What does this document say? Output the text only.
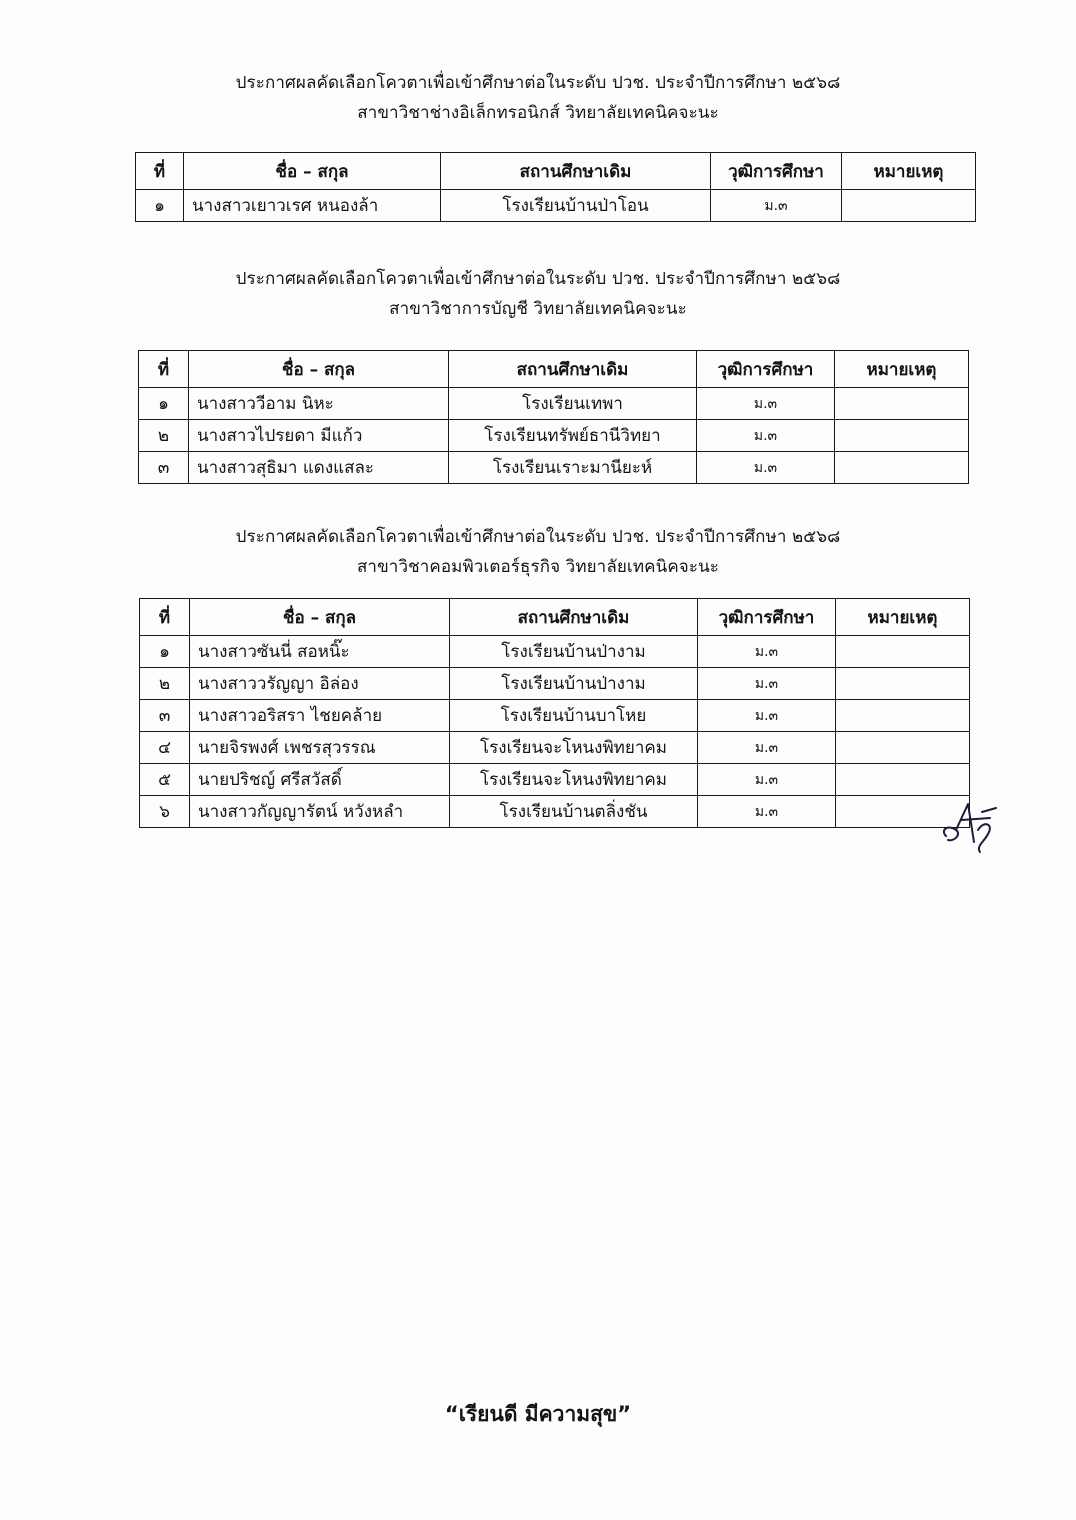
ประกาศผลคัดเลือกโควตาเพื่อเข้าศึกษาต่อในระดับ ปวช. ประจำปีการศึกษา ๒๕๖๘
สาขาวิชาช่างอิเล็กทรอนิกส์ วิทยาลัยเทคนิคจะนะ
ที่	ชื่อ – สกุล	สถานศึกษาเดิม	วุฒิการศึกษา	หมายเหตุ
๑	นางสาวเยาวเรศ หนองล้า	โรงเรียนบ้านป่าโอน	ม.๓	
ประกาศผลคัดเลือกโควตาเพื่อเข้าศึกษาต่อในระดับ ปวช. ประจำปีการศึกษา ๒๕๖๘
สาขาวิชาการบัญชี วิทยาลัยเทคนิคจะนะ
ที่	ชื่อ – สกุล	สถานศึกษาเดิม	วุฒิการศึกษา	หมายเหตุ
๑	นางสาววีอาม นิหะ	โรงเรียนเทพา	ม.๓	
๒	นางสาวไปรยดา มีแก้ว	โรงเรียนทรัพย์ธานีวิทยา	ม.๓	
๓	นางสาวสุธิมา แดงแสละ	โรงเรียนเราะมานียะห์	ม.๓	
ประกาศผลคัดเลือกโควตาเพื่อเข้าศึกษาต่อในระดับ ปวช. ประจำปีการศึกษา ๒๕๖๘
สาขาวิชาคอมพิวเตอร์ธุรกิจ วิทยาลัยเทคนิคจะนะ
ที่	ชื่อ – สกุล	สถานศึกษาเดิม	วุฒิการศึกษา	หมายเหตุ
๑	นางสาวซันนี่ สอหนิ๊ะ	โรงเรียนบ้านป่างาม	ม.๓	
๒	นางสาววรัญญา อิล่อง	โรงเรียนบ้านป่างาม	ม.๓	
๓	นางสาวอริสรา ไชยคล้าย	โรงเรียนบ้านบาโหย	ม.๓	
๔	นายจิรพงศ์ เพชรสุวรรณ	โรงเรียนจะโหนงพิทยาคม	ม.๓	
๕	นายปริชญ์ ศรีสวัสดิ์	โรงเรียนจะโหนงพิทยาคม	ม.๓	
๖	นางสาวกัญญารัตน์ หวังหลำ	โรงเรียนบ้านตลิ่งชัน	ม.๓	
“เรียนดี มีความสุข”
